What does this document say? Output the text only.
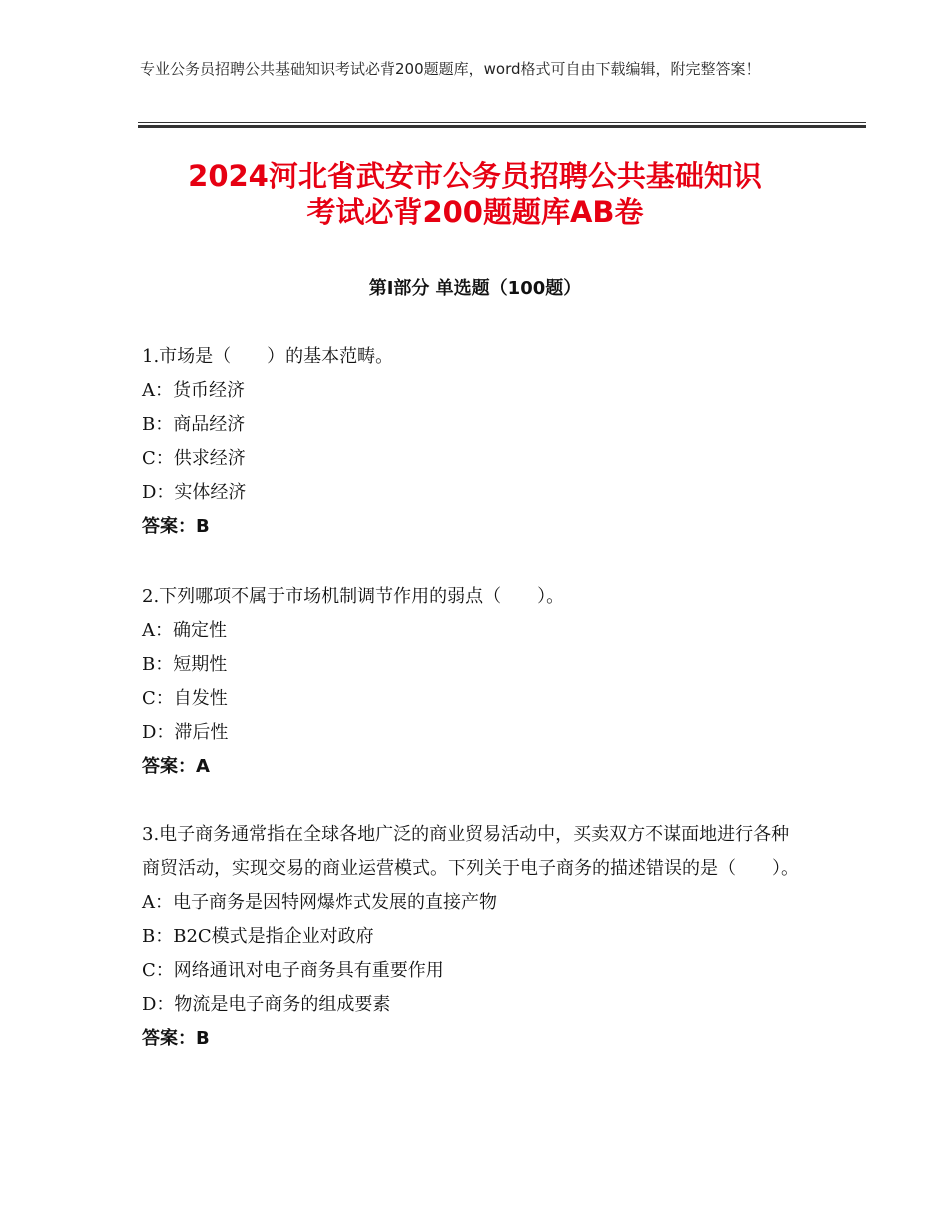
专业公务员招聘公共基础知识考试必背200题题库，word格式可自由下载编辑，附完整答案！
2024河北省武安市公务员招聘公共基础知识
考试必背200题题库AB卷
第I部分 单选题（100题）

1.市场是（　　）的基本范畴。

A：货币经济

B：商品经济

C：供求经济

D：实体经济

答案：B

2.下列哪项不属于市场机制调节作用的弱点（　　）。

A：确定性

B：短期性

C：自发性

D：滞后性

答案：A

3.电子商务通常指在全球各地广泛的商业贸易活动中，买卖双方不谋面地进行各种商贸活动，实现交易的商业运营模式。下列关于电子商务的描述错误的是（　　）。

A：电子商务是因特网爆炸式发展的直接产物

B：B2C模式是指企业对政府

C：网络通讯对电子商务具有重要作用

D：物流是电子商务的组成要素

答案：B
